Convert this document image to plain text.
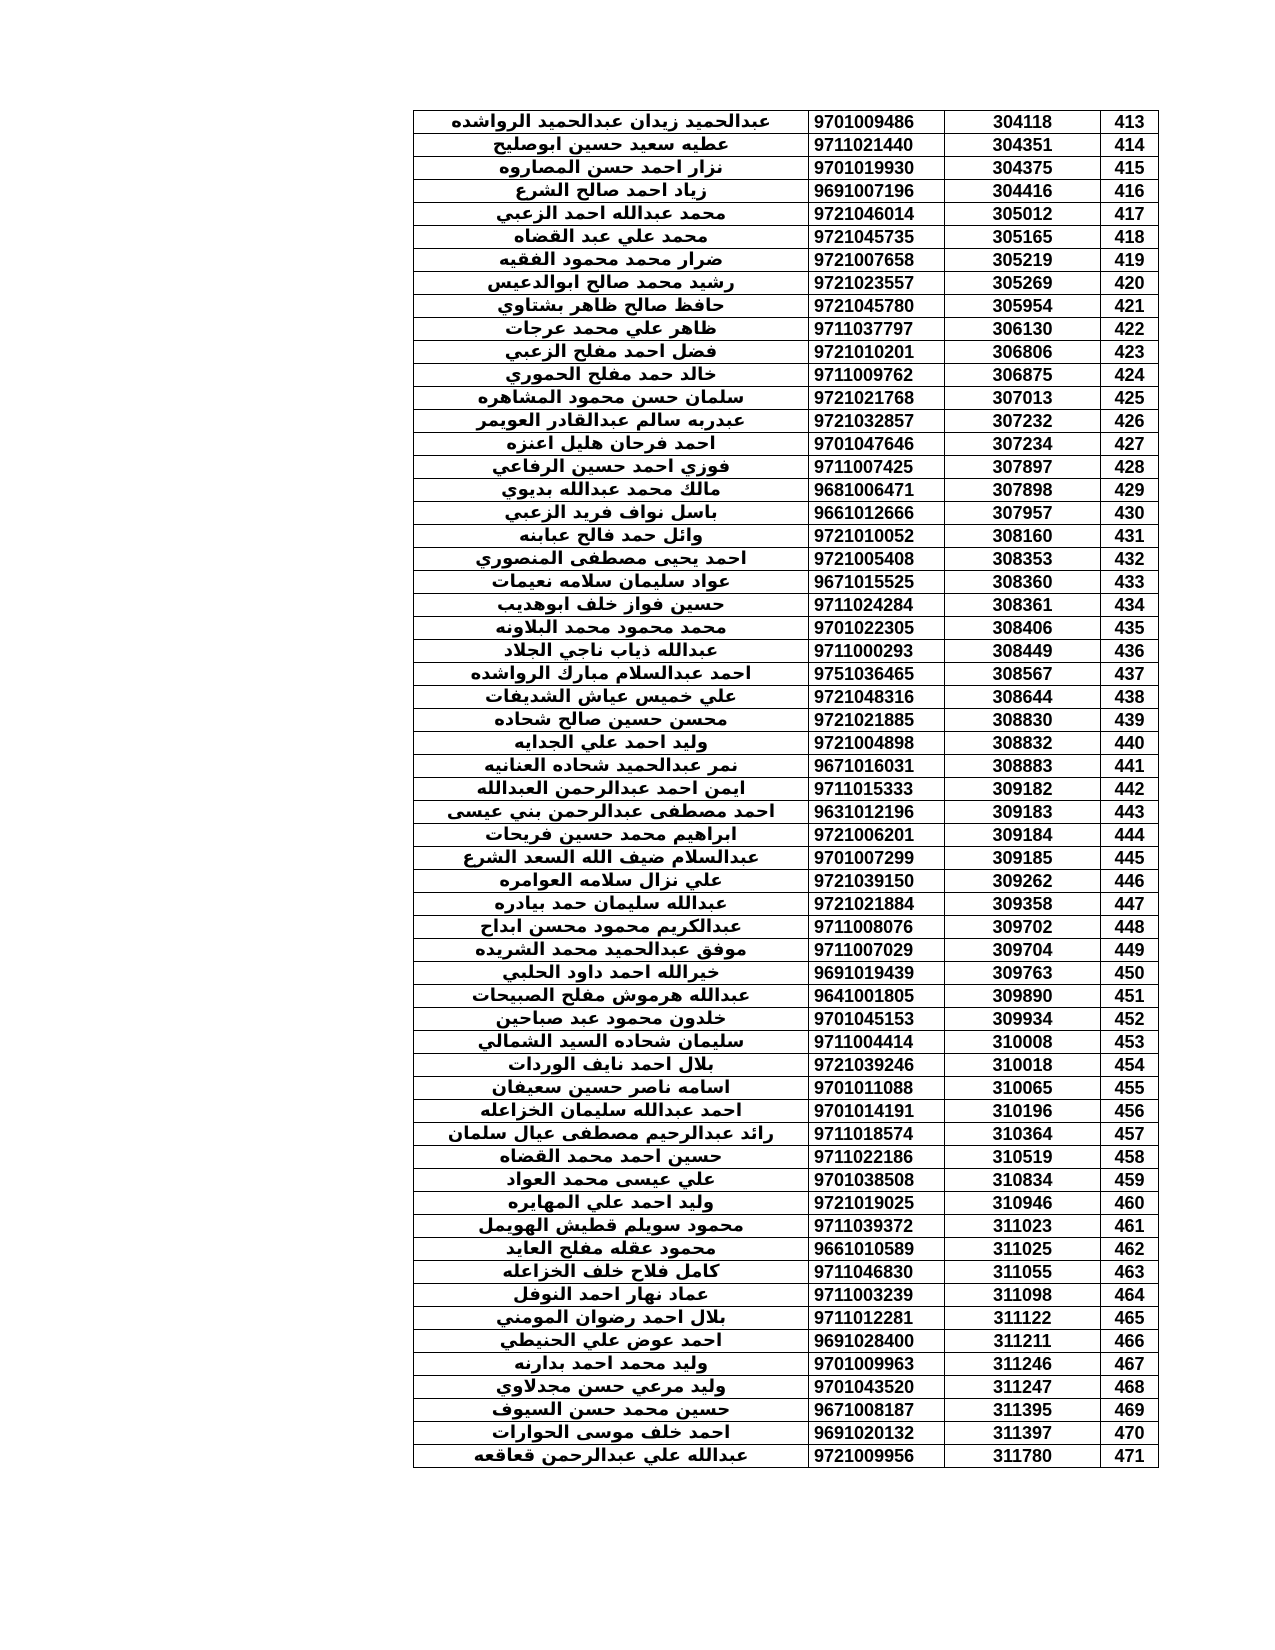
عبدالحميد زيدان عبدالحميد الرواشده	9701009486	304118	413
عطيه سعيد حسين ابوصليح	9711021440	304351	414
نزار احمد حسن المصاروه	9701019930	304375	415
زياد احمد صالح الشرع	9691007196	304416	416
محمد عبدالله احمد الزعبي	9721046014	305012	417
محمد علي عبد القضاه	9721045735	305165	418
ضرار محمد محمود الفقيه	9721007658	305219	419
رشيد محمد صالح ابوالدعيس	9721023557	305269	420
حافظ صالح ظاهر بشتاوي	9721045780	305954	421
ظاهر علي محمد عرجات	9711037797	306130	422
فضل احمد مفلح الزعبي	9721010201	306806	423
خالد حمد مفلح الحموري	9711009762	306875	424
سلمان حسن محمود المشاهره	9721021768	307013	425
عبدربه سالم عبدالقادر العويمر	9721032857	307232	426
احمد فرحان هليل اعنزه	9701047646	307234	427
فوزي احمد حسين الرفاعي	9711007425	307897	428
مالك محمد عبدالله بديوي	9681006471	307898	429
باسل نواف فريد الزعبي	9661012666	307957	430
وائل حمد فالح عبابنه	9721010052	308160	431
احمد يحيى مصطفى المنصوري	9721005408	308353	432
عواد سليمان سلامه نعيمات	9671015525	308360	433
حسين فواز خلف ابوهديب	9711024284	308361	434
محمد محمود محمد البلاونه	9701022305	308406	435
عبدالله ذياب ناجي الجلاد	9711000293	308449	436
احمد عبدالسلام مبارك الرواشده	9751036465	308567	437
علي خميس عياش الشديفات	9721048316	308644	438
محسن حسين صالح شحاده	9721021885	308830	439
وليد احمد علي الجدايه	9721004898	308832	440
نمر عبدالحميد شحاده العنانيه	9671016031	308883	441
ايمن احمد عبدالرحمن العبدالله	9711015333	309182	442
احمد مصطفى عبدالرحمن بني عيسى	9631012196	309183	443
ابراهيم محمد حسين فريحات	9721006201	309184	444
عبدالسلام ضيف الله السعد الشرع	9701007299	309185	445
علي نزال سلامه العوامره	9721039150	309262	446
عبدالله سليمان حمد بيادره	9721021884	309358	447
عبدالكريم محمود محسن ابداح	9711008076	309702	448
موفق عبدالحميد محمد الشريده	9711007029	309704	449
خيرالله احمد داود الحلبي	9691019439	309763	450
عبدالله هرموش مفلح الصبيحات	9641001805	309890	451
خلدون محمود عبد صباحين	9701045153	309934	452
سليمان شحاده السيد الشمالي	9711004414	310008	453
بلال احمد نايف الوردات	9721039246	310018	454
اسامه ناصر حسين سعيفان	9701011088	310065	455
احمد عبدالله سليمان الخزاعله	9701014191	310196	456
رائد عبدالرحيم مصطفى عيال سلمان	9711018574	310364	457
حسين احمد محمد القضاه	9711022186	310519	458
علي عيسى محمد العواد	9701038508	310834	459
وليد احمد علي المهايره	9721019025	310946	460
محمود سويلم قطيش الهويمل	9711039372	311023	461
محمود عقله مفلح العايد	9661010589	311025	462
كامل فلاح خلف الخزاعله	9711046830	311055	463
عماد نهار احمد النوفل	9711003239	311098	464
بلال احمد رضوان المومني	9711012281	311122	465
احمد عوض علي الحنيطي	9691028400	311211	466
وليد محمد احمد بدارنه	9701009963	311246	467
وليد مرعي حسن مجدلاوي	9701043520	311247	468
حسين محمد حسن السيوف	9671008187	311395	469
احمد خلف موسى الحوارات	9691020132	311397	470
عبدالله علي عبدالرحمن قعاقعه	9721009956	311780	471
